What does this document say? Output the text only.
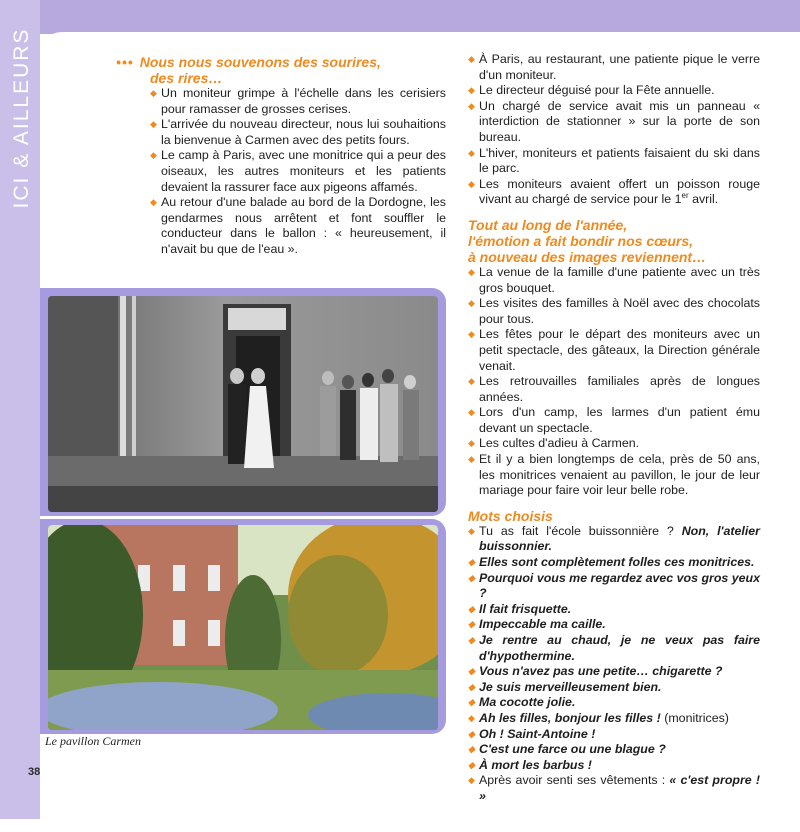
ICI & AILLEURS	••• Nous nous souvenons des sourires,
des rires…

◆ Un moniteur grimpe à l'échelle dans les cerisiers pour ramasser de grosses cerises.
◆ L'arrivée du nouveau directeur, nous lui souhaitions la bienvenue à Carmen avec des petits fours.
◆ Le camp à Paris, avec une monitrice qui a peur des oiseaux, les autres moniteurs et les patients devaient la rassurer face aux pigeons affamés.
◆ Au retour d'une balade au bord de la Dordogne, les gendarmes nous arrêtent et font souffler le conducteur dans le ballon : « heureusement, il n'avait bu que de l'eau ».
Le pavillon Carmen
◆ À Paris, au restaurant, une patiente pique le verre d'un moniteur.
◆ Le directeur déguisé pour la Fête annuelle.
◆ Un chargé de service avait mis un panneau « interdiction de stationner » sur la porte de son bureau.
◆ L'hiver, moniteurs et patients faisaient du ski dans le parc.
◆ Les moniteurs avaient offert un poisson rouge vivant au chargé de service pour le 1er avril.

Tout au long de l'année,
l'émotion a fait bondir nos cœurs,
à nouveau des images reviennent…

◆ La venue de la famille d'une patiente avec un très gros bouquet.
◆ Les visites des familles à Noël avec des chocolats pour tous.
◆ Les fêtes pour le départ des moniteurs avec un petit spectacle, des gâteaux, la Direction générale venait.
◆ Les retrouvailles familiales après de longues années.
◆ Lors d'un camp, les larmes d'un patient ému devant un spectacle.
◆ Les cultes d'adieu à Carmen.
◆ Et il y a bien longtemps de cela, près de 50 ans, les monitrices venaient au pavillon, le jour de leur mariage pour faire voir leur belle robe.

Mots choisis

◆ Tu as fait l'école buissonnière ? Non, l'atelier buissonnier.
◆ Elles sont complètement folles ces monitrices.
◆ Pourquoi vous me regardez avec vos gros yeux ?
◆ Il fait frisquette.
◆ Impeccable ma caille.
◆ Je rentre au chaud, je ne veux pas faire d'hypothermine.
◆ Vous n'avez pas une petite… chigarette ?
◆ Je suis merveilleusement bien.
◆ Ma cocotte jolie.
◆ Ah les filles, bonjour les filles ! (monitrices)
◆ Oh ! Saint-Antoine !
◆ C'est une farce ou une blague ?
◆ À mort les barbus !
◆ Après avoir senti ses vêtements : « c'est propre ! »
38
